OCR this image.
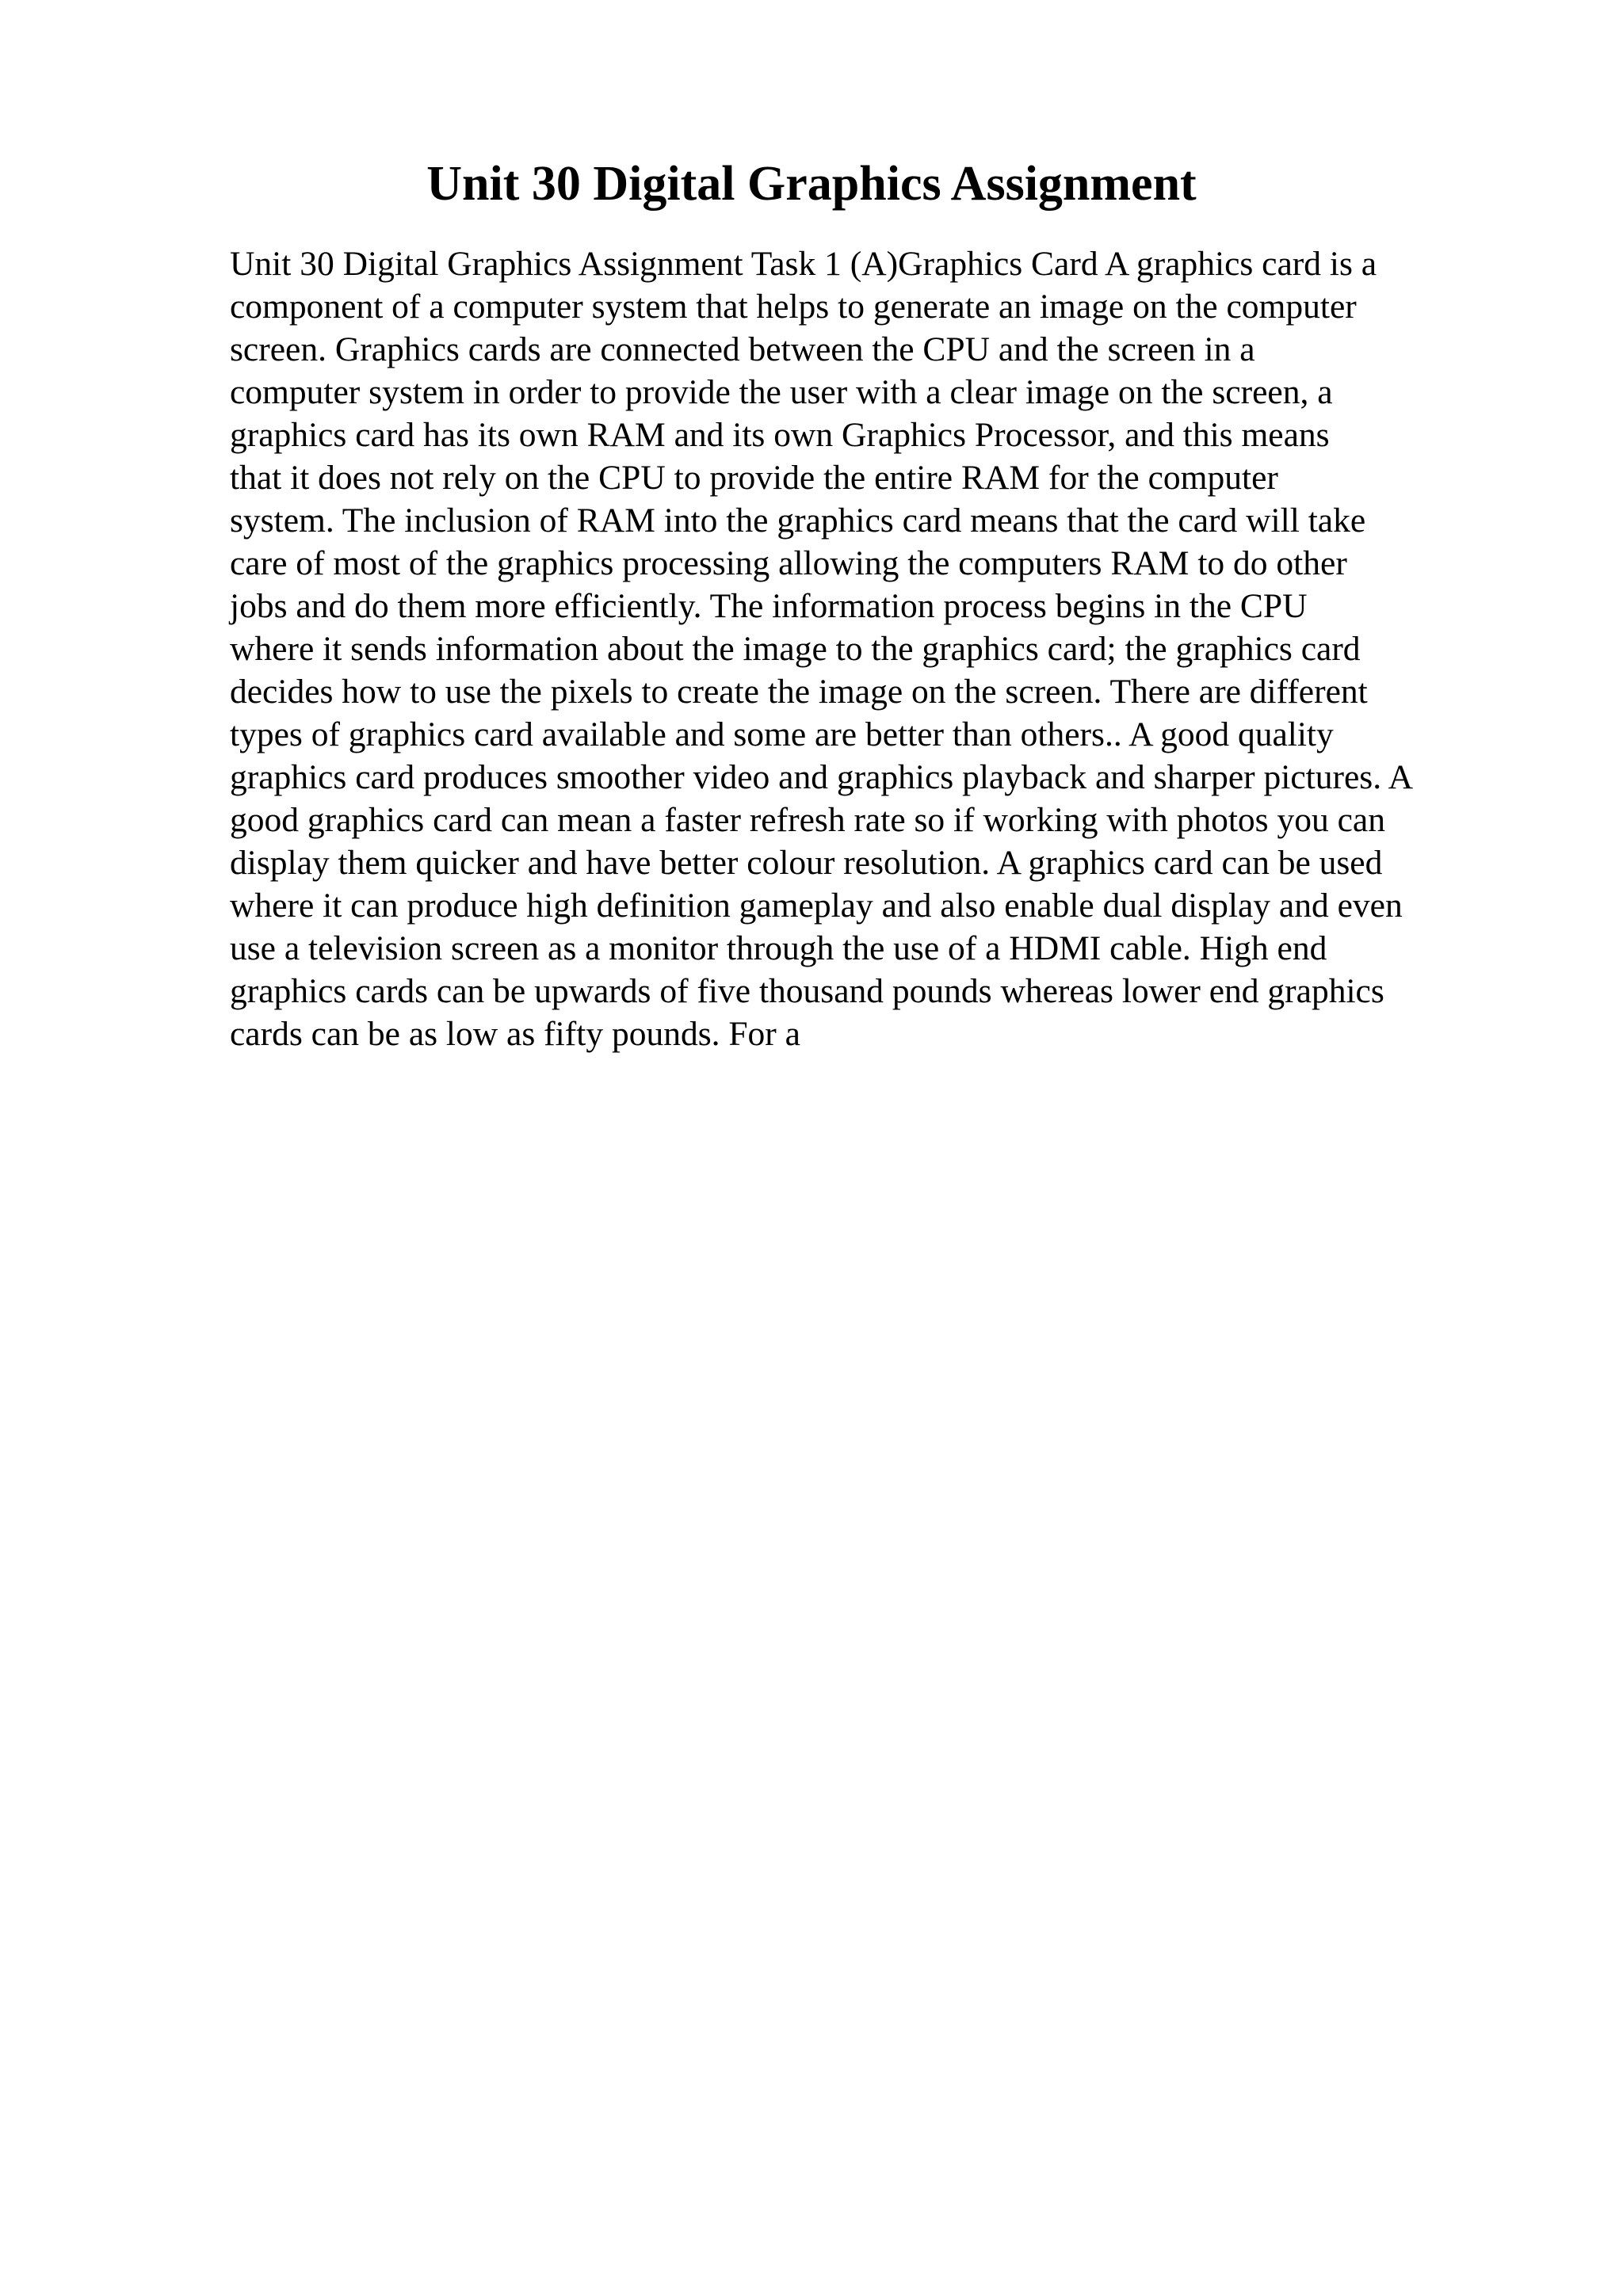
Unit 30 Digital Graphics Assignment
Unit 30 Digital Graphics Assignment Task 1 (A)Graphics Card A graphics card is a
component of a computer system that helps to generate an image on the computer
screen. Graphics cards are connected between the CPU and the screen in a
computer system in order to provide the user with a clear image on the screen, a
graphics card has its own RAM and its own Graphics Processor, and this means
that it does not rely on the CPU to provide the entire RAM for the computer
system. The inclusion of RAM into the graphics card means that the card will take
care of most of the graphics processing allowing the computers RAM to do other
jobs and do them more efficiently. The information process begins in the CPU
where it sends information about the image to the graphics card; the graphics card
decides how to use the pixels to create the image on the screen. There are different
types of graphics card available and some are better than others.. A good quality
graphics card produces smoother video and graphics playback and sharper pictures. A
good graphics card can mean a faster refresh rate so if working with photos you can
display them quicker and have better colour resolution. A graphics card can be used
where it can produce high definition gameplay and also enable dual display and even
use a television screen as a monitor through the use of a HDMI cable. High end
graphics cards can be upwards of five thousand pounds whereas lower end graphics
cards can be as low as fifty pounds. For a
